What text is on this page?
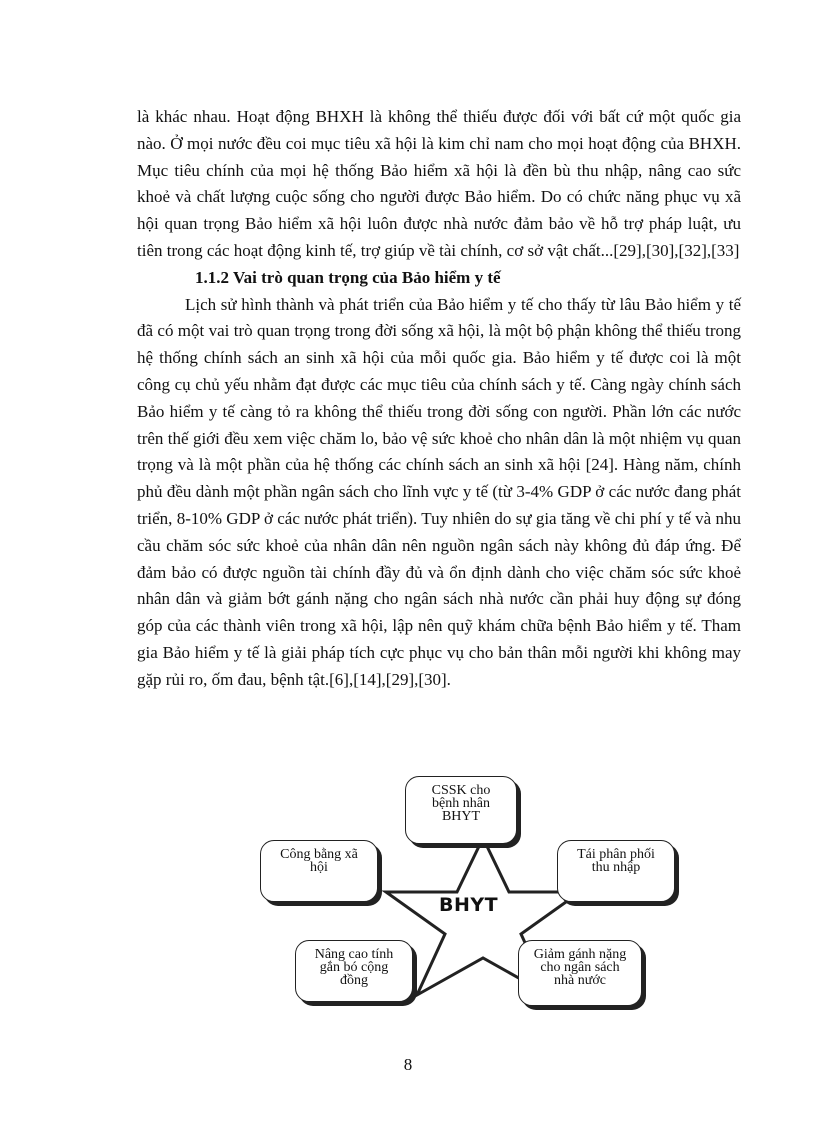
là khác nhau. Hoạt động BHXH là không thể thiếu được đối với bất cứ một quốc gia nào. Ở mọi nước đều coi mục tiêu xã hội là kim chỉ nam cho mọi hoạt động của BHXH. Mục tiêu chính của mọi hệ thống Bảo hiểm xã hội là đền bù thu nhập, nâng cao sức khoẻ và chất lượng cuộc sống cho người được Bảo hiểm. Do có chức năng phục vụ xã hội quan trọng Bảo hiểm xã hội luôn được nhà nước đảm bảo về hỗ trợ pháp luật, ưu tiên trong các hoạt động kinh tế, trợ giúp về tài chính, cơ sở vật chất...[29],[30],[32],[33]

1.1.2 Vai trò quan trọng của Bảo hiểm y tế

Lịch sử hình thành và phát triển của Bảo hiểm y tế cho thấy từ lâu Bảo hiểm y tế đã có một vai trò quan trọng trong đời sống xã hội, là một bộ phận không thể thiếu trong hệ thống chính sách an sinh xã hội của mỗi quốc gia. Bảo hiểm y tế được coi là một công cụ chủ yếu nhằm đạt được các mục tiêu của chính sách y tế. Càng ngày chính sách Bảo hiểm y tế càng tỏ ra không thể thiếu trong đời sống con người. Phần lớn các nước trên thế giới đều xem việc chăm lo, bảo vệ sức khoẻ cho nhân dân là một nhiệm vụ quan trọng và là một phần của hệ thống các chính sách an sinh xã hội [24]. Hàng năm, chính phủ đều dành một phần ngân sách cho lĩnh vực y tế (từ 3-4% GDP ở các nước đang phát triển, 8-10% GDP ở các nước phát triển). Tuy nhiên do sự gia tăng về chi phí y tế và nhu cầu chăm sóc sức khoẻ của nhân dân nên nguồn ngân sách này không đủ đáp ứng. Để đảm bảo có được nguồn tài chính đầy đủ và ổn định dành cho việc chăm sóc sức khoẻ nhân dân và giảm bớt gánh nặng cho ngân sách nhà nước cần phải huy động sự đóng góp của các thành viên trong xã hội, lập nên quỹ khám chữa bệnh Bảo hiểm y tế. Tham gia Bảo hiểm y tế là giải pháp tích cực phục vụ cho bản thân mỗi người khi không may gặp rủi ro, ốm đau, bệnh tật.[6],[14],[29],[30].

BHYT
CSSK cho
bệnh nhân
BHYT
Công bằng xã
hội
Tái phân phối
thu nhập
Nâng cao tính
gắn bó cộng
đồng
Giảm gánh nặng
cho ngân sách
nhà nước
8
